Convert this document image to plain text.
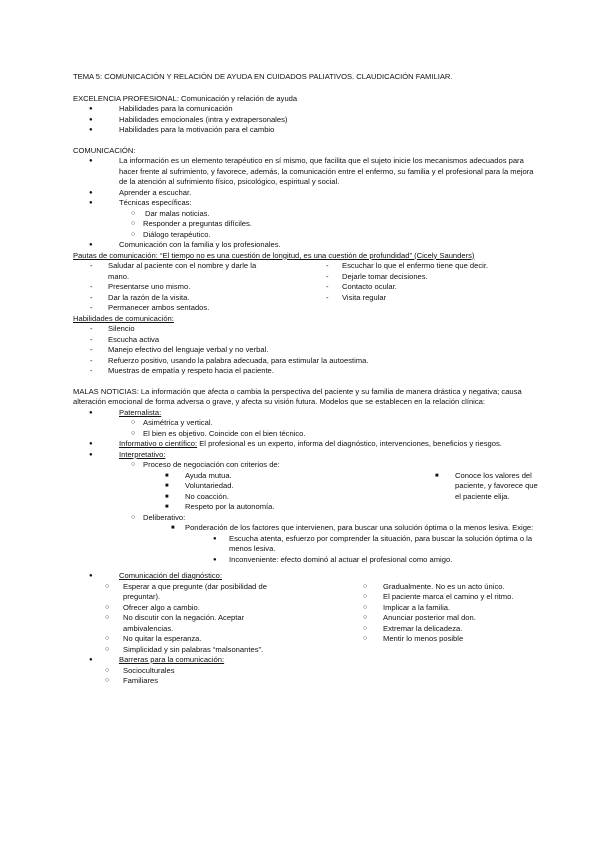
TEMA 5: COMUNICACIÓN Y RELACIÓN DE AYUDA EN CUIDADOS PALIATIVOS. CLAUDICACIÓN FAMILIAR.

EXCELENCIA PROFESIONAL: Comunicación y relación de ayuda

● Habilidades para la comunicación
● Habilidades emocionales (intra y extrapersonales)
● Habilidades para la motivación para el cambio

COMUNICACIÓN:

● La información es un elemento terapéutico en sí mismo, que facilita que el sujeto inicie los mecanismos adecuados para hacer frente al sufrimiento, y favorece, además, la comunicación entre el enfermo, su familia y el profesional para la mejora de la atención al sufrimiento físico, psicológico, espiritual y social.
● Aprender a escuchar.
● Técnicas específicas:
○ Dar malas noticias.
○ Responder a preguntas difíciles.
○ Diálogo terapéutico.
● Comunicación con la familia y los profesionales.

Pautas de comunicación: “El tiempo no es una cuestión de longitud, es una cuestión de profundidad” (Cicely Saunders)

- Saludar al paciente con el nombre y darle la mano.
- Presentarse uno mismo.
- Dar la razón de la visita.
- Permanecer ambos sentados.
- Escuchar lo que el enfermo tiene que decir.
- Dejarle tomar decisiones.
- Contacto ocular.
- Visita regular

Habilidades de comunicación:

- Silencio
- Escucha activa
- Manejo efectivo del lenguaje verbal y no verbal.
- Refuerzo positivo, usando la palabra adecuada, para estimular la autoestima.
- Muestras de empatía y respeto hacia el paciente.

MALAS NOTICIAS: La información que afecta o cambia la perspectiva del paciente y su familia de manera drástica y negativa; causa alteración emocional de forma adversa o grave, y afecta su visión futura. Modelos que se establecen en la relación clínica:

● Paternalista:
○ Asimétrica y vertical.
○ El bien es objetivo. Coincide con el bien técnico.
● Informativo o científico: El profesional es un experto, informa del diagnóstico, intervenciones, beneficios y riesgos.
● Interpretativo:
○ Proceso de negociación con criterios de:
■ Ayuda mutua.
■ Voluntariedad.
■ No coacción.
■ Respeto por la autonomía.
■ Conoce los valores del paciente, y favorece que el paciente elija.
○ Deliberativo:
■ Ponderación de los factores que intervienen, para buscar una solución óptima o la menos lesiva. Exige:
● Escucha atenta, esfuerzo por comprender la situación, para buscar la solución óptima o la menos lesiva.
● Inconveniente: efecto dominó al actuar el profesional como amigo.
● Comunicación del diagnóstico:
○ Esperar a que pregunte (dar posibilidad de preguntar).
○ Ofrecer algo a cambio.
○ No discutir con la negación. Aceptar ambivalencias.
○ No quitar la esperanza.
○ Simplicidad y sin palabras “malsonantes”.
○ Gradualmente. No es un acto único.
○ El paciente marca el camino y el ritmo.
○ Implicar a la familia.
○ Anunciar posterior mal don.
○ Extremar la delicadeza.
○ Mentir lo menos posible
● Barreras para la comunicación:
○ Socioculturales
○ Familiares
